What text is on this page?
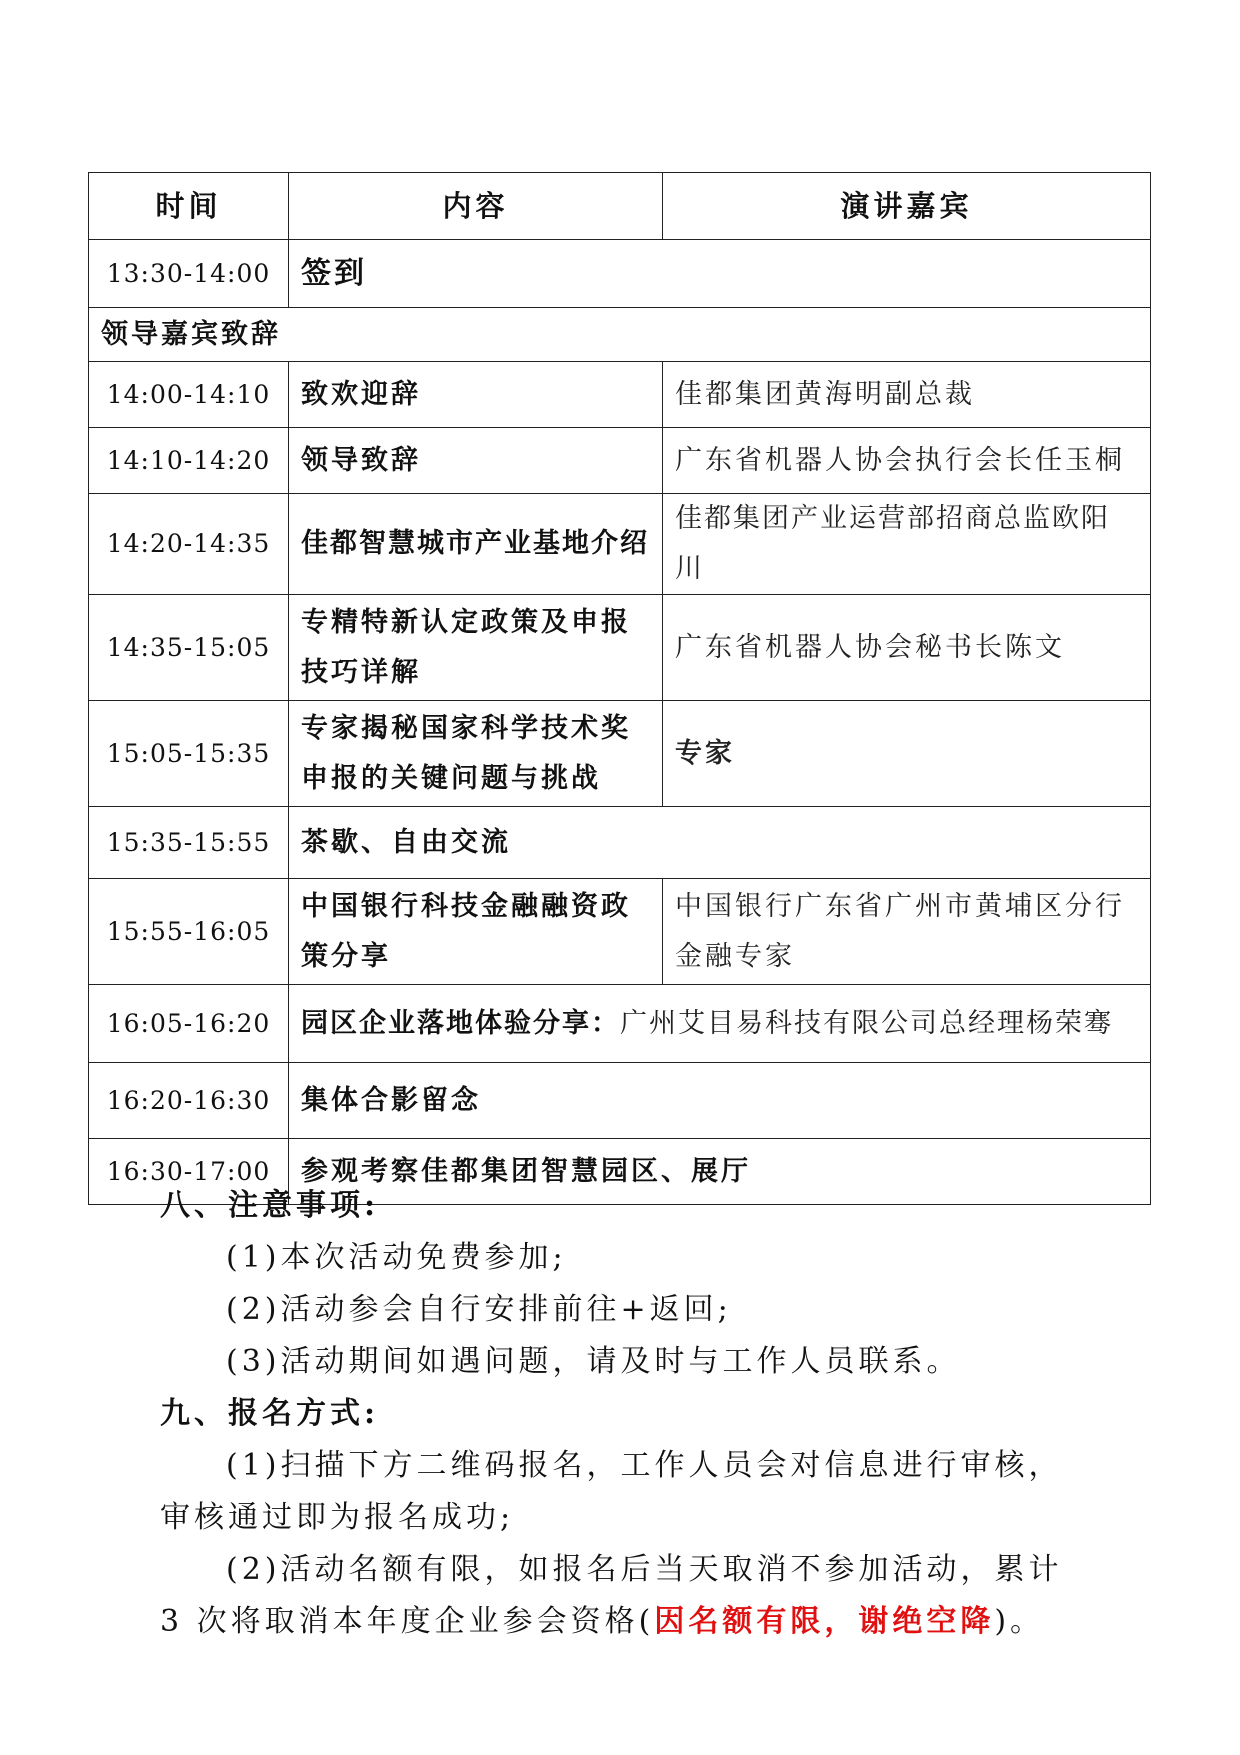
时间	内容	演讲嘉宾
13:30-14:00	签到	
领导嘉宾致辞		
14:00-14:10	致欢迎辞	佳都集团黄海明副总裁
14:10-14:20	领导致辞	广东省机器人协会执行会长任玉桐
14:20-14:35	佳都智慧城市产业基地介绍	佳都集团产业运营部招商总监欧阳川
14:35-15:05	专精特新认定政策及申报技巧详解	广东省机器人协会秘书长陈文
15:05-15:35	专家揭秘国家科学技术奖申报的关键问题与挑战	专家
15:35-15:55	茶歇、自由交流	
15:55-16:05	中国银行科技金融融资政策分享	中国银行广东省广州市黄埔区分行金融专家
16:05-16:20	园区企业落地体验分享：广州艾目易科技有限公司总经理杨荣骞	
16:20-16:30	集体合影留念	
16:30-17:00	参观考察佳都集团智慧园区、展厅	
八、注意事项:
(1)本次活动免费参加;
(2)活动参会自行安排前往+返回;
(3)活动期间如遇问题，请及时与工作人员联系。
九、报名方式:
(1)扫描下方二维码报名，工作人员会对信息进行审核，审核通过即为报名成功;
(2)活动名额有限，如报名后当天取消不参加活动，累计 3 次将取消本年度企业参会资格(因名额有限，谢绝空降)。
